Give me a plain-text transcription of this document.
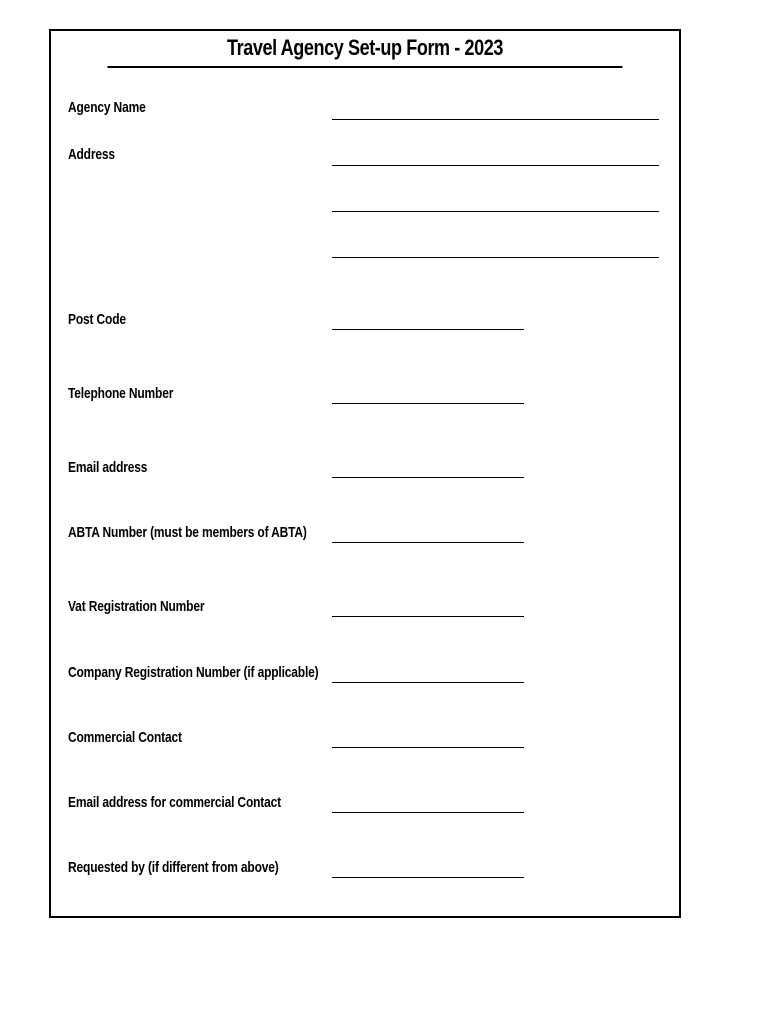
Travel Agency Set-up Form - 2023
Agency Name
Address
Post Code
Telephone Number
Email address
ABTA Number (must be members of ABTA)
Vat Registration Number
Company Registration Number (if applicable)
Commercial Contact
Email address for commercial Contact
Requested by (if different from above)
